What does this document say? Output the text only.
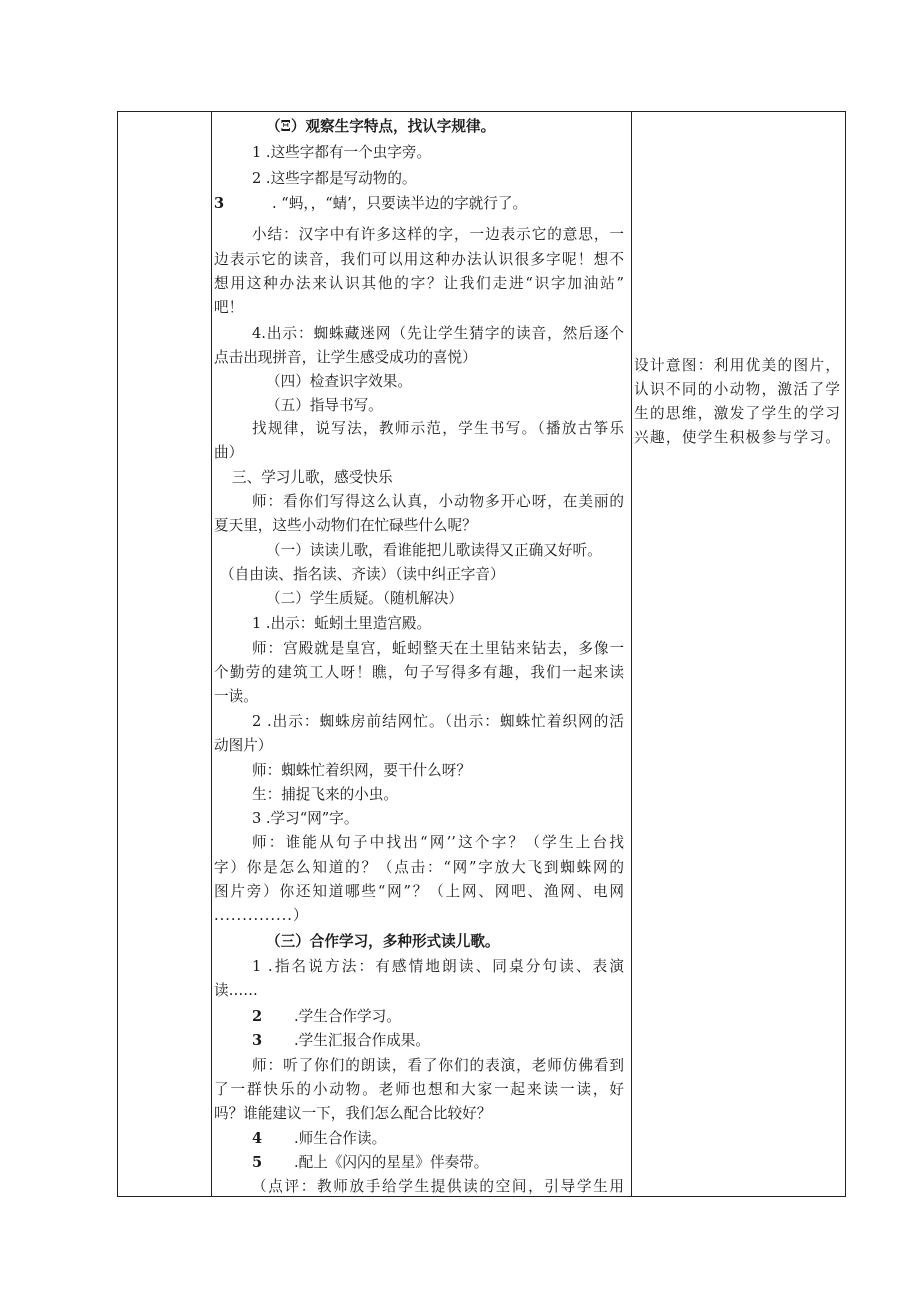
（Ξ）观察生字特点，找认字规律。
1 .这些字都有一个虫字旁。
2 .这些字都是写动物的。
3	. “蚂，，“蜻’，只要读半边的字就行了。
小结：汉字中有许多这样的字，一边表示它的意思，一
边表示它的读音，我们可以用这种办法认识很多字呢！想不
想用这种办法来认识其他的字？让我们走进“识字加油站”
吧！
4.出示：蜘蛛藏迷网（先让学生猜字的读音，然后逐个
点击出现拼音，让学生感受成功的喜悦）
（四）检查识字效果。
（五）指导书写。
找规律，说写法，教师示范，学生书写。（播放古筝乐
曲）
三、学习儿歌，感受快乐
师：看你们写得这么认真，小动物多开心呀，在美丽的
夏天里，这些小动物们在忙碌些什么呢？
（一）读读儿歌，看谁能把儿歌读得又正确又好听。
（自由读、指名读、齐读）（读中纠正字音）
（二）学生质疑。（随机解决）
1 .出示：蚯蚓土里造宫殿。
师：宫殿就是皇宫，蚯蚓整天在土里钻来钻去，多像一
个勤劳的建筑工人呀！瞧，句子写得多有趣，我们一起来读
一读。
2 .出示：蜘蛛房前结网忙。（出示：蜘蛛忙着织网的活
动图片）
师：蜘蛛忙着织网，要干什么呀？
生：捕捉飞来的小虫。
3 .学习“网”字。
师：谁能从句子中找出“网’’这个字？（学生上台找
字）你是怎么知道的？（点击：“网”字放大飞到蜘蛛网的
图片旁）你还知道哪些“网”？（上网、网吧、渔网、电网
..............）
（三）合作学习，多种形式读儿歌。
1 .指名说方法：有感情地朗读、同桌分句读、表演
读……
2 .学生合作学习。
3 .学生汇报合作成果。
师：听了你们的朗读，看了你们的表演，老师仿佛看到
了一群快乐的小动物。老师也想和大家一起来读一读，好
吗？谁能建议一下，我们怎么配合比较好？
4 .师生合作读。
5 .配上《闪闪的星星》伴奏带。
（点评：教师放手给学生提供读的空间，引导学生用
设计意图：利用优美的图片，
认识不同的小动物，激活了学
生的思维，激发了学生的学习
兴趣，使学生积极参与学习。
